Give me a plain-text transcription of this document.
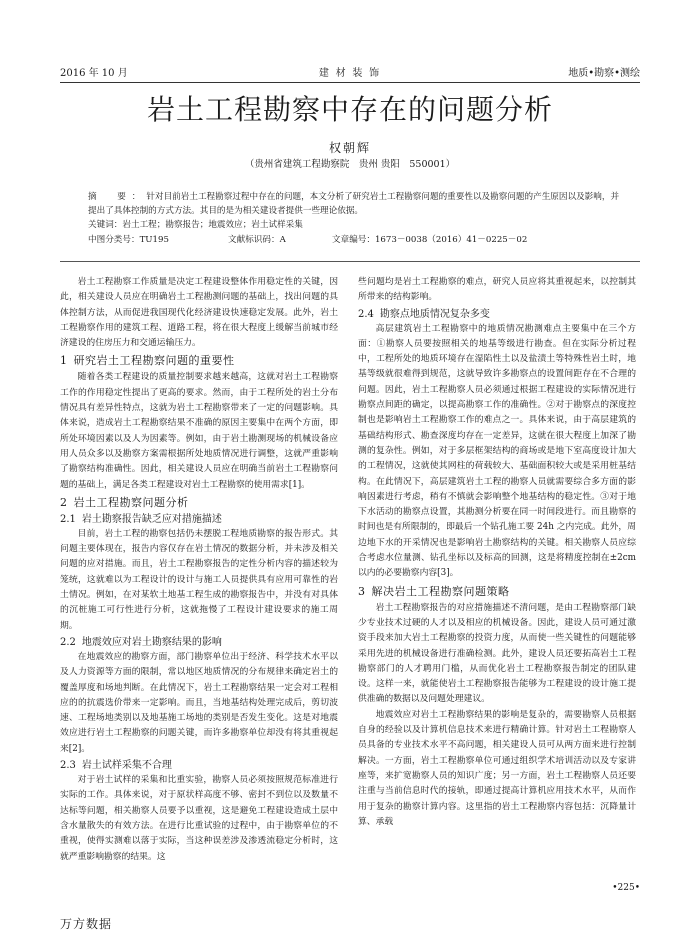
2016 年 10 月	建 材 装 饰	地质•勘察•测绘
岩土工程勘察中存在的问题分析
权朝辉
（贵州省建筑工程勘察院　贵州 贵阳　550001）

摘　要：针对目前岩土工程勘察过程中存在的问题，本文分析了研究岩土工程勘察问题的重要性以及勘察问题的产生原因以及影响，并提出了具体控制的方式方法。其目的是为相关建设者提供一些理论依据。

关键词：岩土工程；勘察报告；地震效应；岩土试样采集

中图分类号：TU195	文献标识码：A	文章编号：1673－0038（2016）41－0225－02

岩土工程勘察工作质量是决定工程建设整体作用稳定性的关键，因此，相关建设人员应在明确岩土工程勘测问题的基础上，找出问题的具体控制方法，从而促进我国现代化经济建设快速稳定发展。此外，岩土工程勘察作用的建筑工程、道路工程，将在很大程度上缓解当前城市经济建设的住房压力和交通运输压力。

1 研究岩土工程勘察问题的重要性

随着各类工程建设的质量控制要求越来越高，这就对岩土工程勘察工作的作用稳定性提出了更高的要求。然而，由于工程所处的岩土分布情况具有差异性特点，这就为岩土工程勘察带来了一定的问题影响。具体来说，造成岩土工程勘察结果不准确的原因主要集中在两个方面，即所处环境因素以及人为因素等。例如，由于岩土勘测现场的机械设备应用人员众多以及勘察方案需根据所处地质情况进行调整，这就严重影响了勘察结构准确性。因此，相关建设人员应在明确当前岩土工程勘察问题的基础上，满足各类工程建设对岩土工程勘察的使用需求[1]。

2 岩土工程勘察问题分析
2.1 岩土勘察报告缺乏应对措施描述

目前，岩土工程的勘察包括仍未摆脱工程地质勘察的报告形式。其问题主要体现在，报告内容仅存在岩土情况的数据分析，并未涉及相关问题的应对措施。而且，岩土工程勘察报告的定性分析内容的描述较为笼统，这就难以为工程设计的设计与施工人员提供具有应用可靠性的岩土情况。例如，在对某软土地基工程生成的勘察报告中，并没有对具体的沉桩施工可行性进行分析，这就拖慢了工程设计建设要求的施工周期。

2.2 地震效应对岩土勘察结果的影响

在地震效应的勘察方面，部门勘察单位出于经济、科学技术水平以及人力资源等方面的限制，常以地区地质情况的分布规律来确定岩土的覆盖厚度和场地判断。在此情况下，岩土工程勘察结果一定会对工程相应的的抗震选价带来一定影响。而且，当地基结构处理完成后，剪切波速、工程场地类别以及地基施工场地的类别是否发生变化。这是对地震效应进行岩土工程勘察的问题关键，而许多勘察单位却没有将其重视起来[2]。

2.3 岩土试样采集不合理

对于岩土试样的采集和比重实验，勘察人员必须按照规范标准进行实际的工作。具体来说，对于原状样高度不够、密封不到位以及数量不达标等问题，相关勘察人员要予以重视，这是避免工程建设造成土层中含水量散失的有效方法。在进行比重试验的过程中，由于勘察单位的不重视，使得实测难以落于实际，当这种误差涉及渗透流稳定分析时，这就严重影响勘察的结果。这

些问题均是岩土工程勘察的难点，研究人员应将其重视起来，以控制其所带来的结构影响。

2.4 勘察点地质情况复杂多变

高层建筑岩土工程勘察中的地质情况勘测难点主要集中在三个方面：①勘察人员要按照相关的地基等级进行勘查。但在实际分析过程中，工程所处的地质环境存在湿陷性土以及盐渍土等特殊性岩土时，地基等级就很难得到规范，这就导致许多勘察点的设置间距存在不合理的问题。因此，岩土工程勘察人员必须通过根据工程建设的实际情况进行勘察点间距的确定，以提高勘察工作的准确性。②对于勘察点的深度控制也是影响岩土工程勘察工作的难点之一。具体来说，由于高层建筑的基础结构形式、勘查深度均存在一定差异，这就在很大程度上加深了勘测的复杂性。例如，对于多层框架结构的商场或是地下室高度设计加大的工程情况，这就使其网柱的荷载较大、基础面积较大或是采用桩基结构。在此情况下，高层建筑岩土工程的勘察人员就需要综合多方面的影响因素进行考虑，稍有不慎就会影响整个地基结构的稳定性。③对于地下水活动的勘察点设置，其勘测分析要在同一时间段进行。而且勘察的时间也是有所限制的，即最后一个钻孔施工要 24h 之内完成。此外，周边地下水的开采情况也是影响岩土勘察结构的关键。相关勘察人员应综合考虑水位量测、钻孔坐标以及标高的回测，这是将精度控制在±2cm 以内的必要勘察内容[3]。

3 解决岩土工程勘察问题策略

岩土工程勘察报告的对应措施描述不清问题，是由工程勘察部门缺少专业技术过硬的人才以及相应的机械设备。因此，建设人员可通过激资手段来加大岩土工程勘察的投资力度，从而使一些关键性的问题能够采用先进的机械设备进行准确检测。此外，建设人员还要拓高岩土工程勘察部门的人才聘用门槛，从而优化岩土工程勘察报告制定的团队建设。这样一来，就能使岩土工程勘察报告能够为工程建设的设计施工提供准确的数据以及问题处理建议。

地震效应对岩土工程勘察结果的影响是复杂的，需要勘察人员根据自身的经验以及计算机信息技术来进行精确计算。针对岩土工程勘察人员具备的专业技术水平不高问题，相关建设人员可从两方面来进行控制解决。一方面，岩土工程勘察单位可通过组织学术培训活动以及专家讲座等，来扩宽勘察人员的知识广度；另一方面，岩土工程勘察人员还要注重与当前信息时代的接轨，即通过提高计算机应用技术水平，从而作用于复杂的勘察计算内容。这里指的岩土工程勘察内容包括：沉降量计算、承载

•225•
万方数据
